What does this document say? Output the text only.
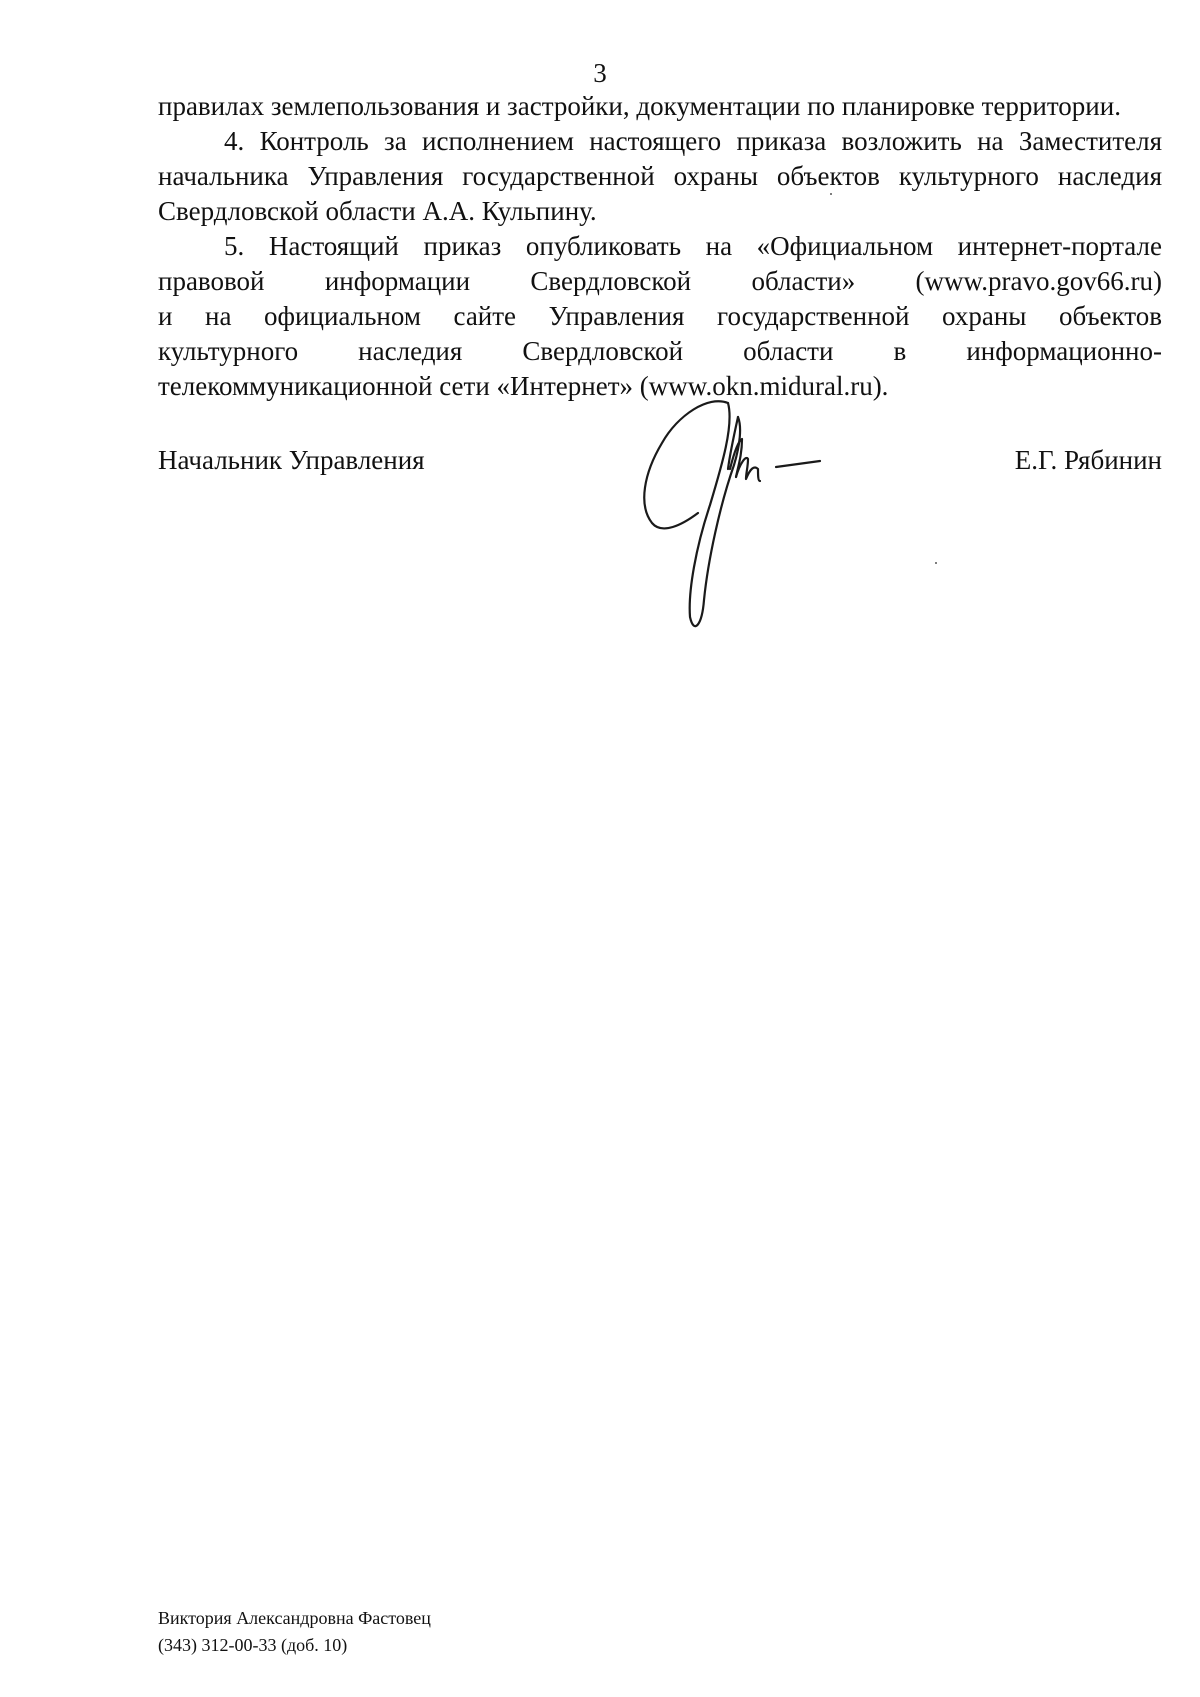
3
правилах землепользования и застройки, документации по планировке территории.
4. Контроль за исполнением настоящего приказа возложить на Заместителя
начальника Управления государственной охраны объектов культурного наследия
Свердловской области А.А. Кульпину.
5. Настоящий приказ опубликовать на «Официальном интернет-портале
правовой информации Свердловской области» (www.pravo.gov66.ru)
и на официальном сайте Управления государственной охраны объектов
культурного наследия Свердловской области в информационно-
телекоммуникационной сети «Интернет» (www.okn.midural.ru).
Начальник Управления	Е.Г. Рябинин
Виктория Александровна Фастовец
(343) 312-00-33 (доб. 10)
